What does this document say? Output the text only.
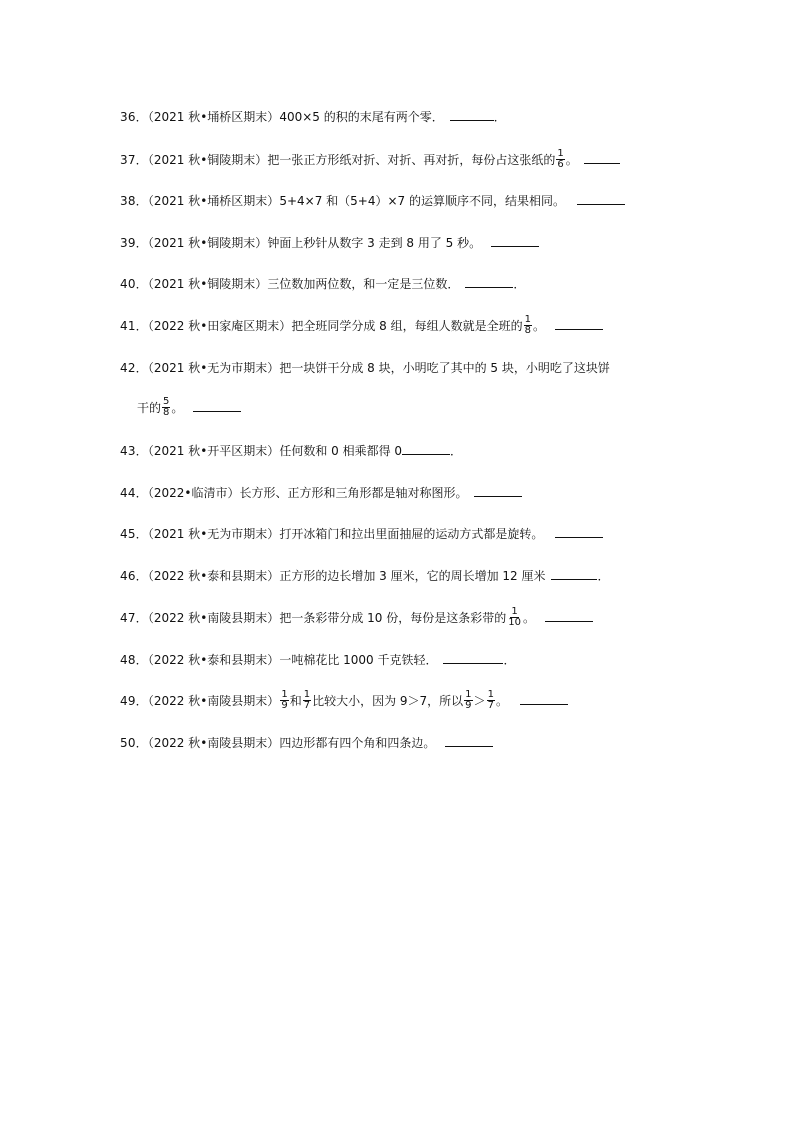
36．（2021 秋•埇桥区期末）400×5 的积的末尾有两个零．	．
37．（2021 秋•铜陵期末）把一张正方形纸对折、对折、再对折，每份占这张纸的 $\frac{1}{6}$ 。
38．（2021 秋•埇桥区期末）5+4×7 和（5+4）×7 的运算顺序不同，结果相同。
39．（2021 秋•铜陵期末）钟面上秒针从数字 3 走到 8 用了 5 秒。
40．（2021 秋•铜陵期末）三位数加两位数，和一定是三位数．	．
41．（2022 秋•田家庵区期末）把全班同学分成 8 组，每组人数就是全班的 $\frac{1}{8}$ 。
42．（2021 秋•无为市期末）把一块饼干分成 8 块，小明吃了其中的 5 块，小明吃了这块饼
干的 $\frac{5}{8}$ 。
43．（2021 秋•开平区期末）任何数和 0 相乘都得 0	．
44．（2022•临清市）长方形、正方形和三角形都是轴对称图形。
45．（2021 秋•无为市期末）打开冰箱门和拉出里面抽屉的运动方式都是旋转。
46．（2022 秋•泰和县期末）正方形的边长增加 3 厘米，它的周长增加 12 厘米	．
47．（2022 秋•南陵县期末）把一条彩带分成 10 份，每份是这条彩带的 $\frac{1}{10}$ 。
48．（2022 秋•泰和县期末）一吨棉花比 1000 千克铁轻．	．
49．（2022 秋•南陵县期末） $\frac{1}{9}$ 和 $\frac{1}{7}$ 比较大小，因为 9＞7，所以 $\frac{1}{9} > \frac{1}{7}$ 。
50．（2022 秋•南陵县期末）四边形都有四个角和四条边。
